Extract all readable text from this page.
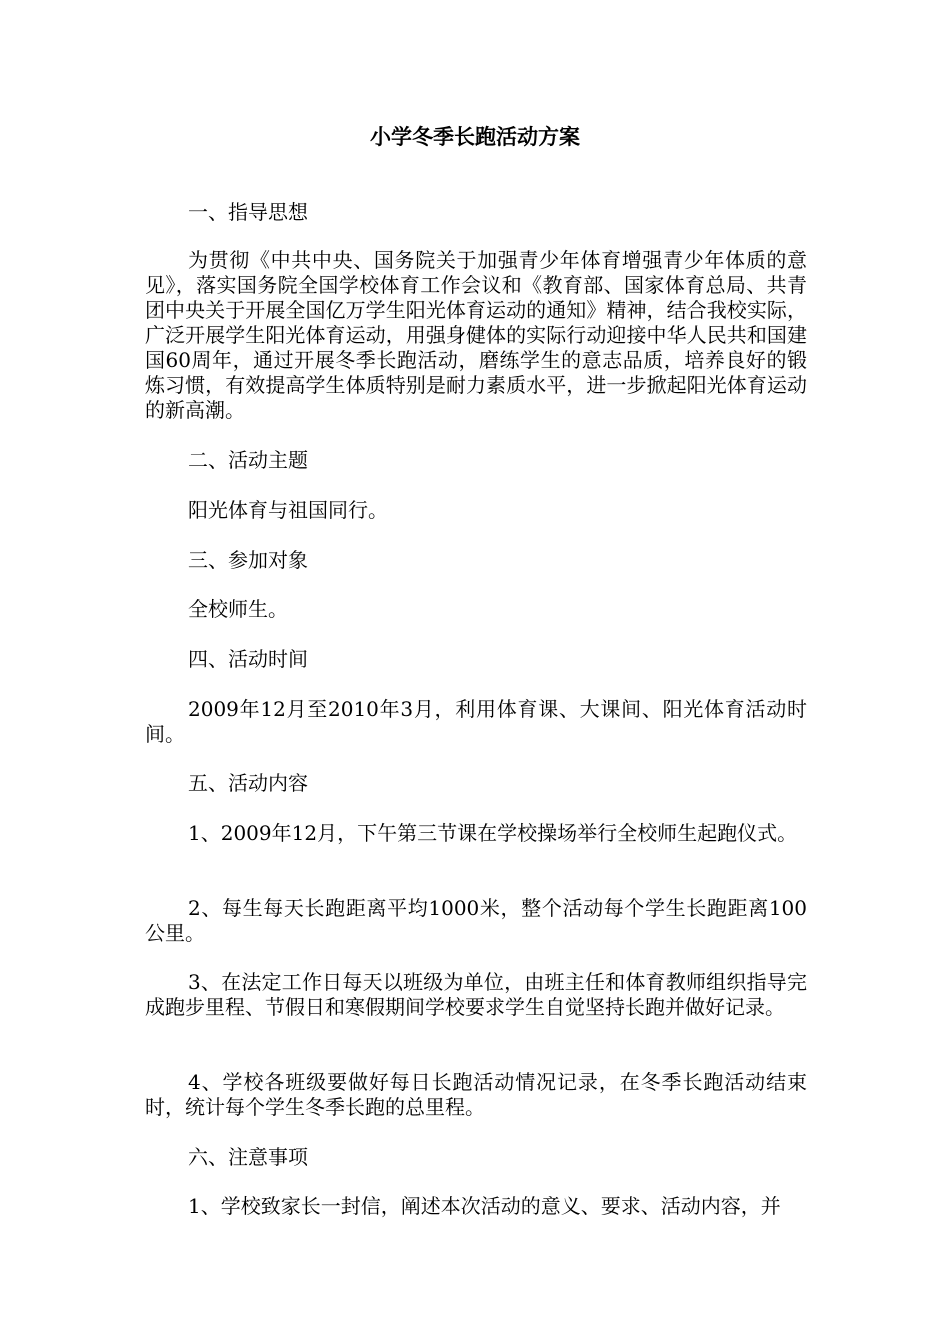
小学冬季长跑活动方案

一、指导思想

为贯彻《中共中央、国务院关于加强青少年体育增强青少年体质的意见》，落实国务院全国学校体育工作会议和《教育部、国家体育总局、共青团中央关于开展全国亿万学生阳光体育运动的通知》精神，结合我校实际，广泛开展学生阳光体育运动，用强身健体的实际行动迎接中华人民共和国建国60周年，通过开展冬季长跑活动，磨练学生的意志品质，培养良好的锻炼习惯，有效提高学生体质特别是耐力素质水平，进一步掀起阳光体育运动的新高潮。

二、活动主题

阳光体育与祖国同行。

三、参加对象

全校师生。

四、活动时间

2009年12月至2010年3月，利用体育课、大课间、阳光体育活动时间。

五、活动内容

1、2009年12月，下午第三节课在学校操场举行全校师生起跑仪式。

2、每生每天长跑距离平均1000米，整个活动每个学生长跑距离100公里。

3、在法定工作日每天以班级为单位，由班主任和体育教师组织指导完成跑步里程、节假日和寒假期间学校要求学生自觉坚持长跑并做好记录。

4、学校各班级要做好每日长跑活动情况记录，在冬季长跑活动结束时，统计每个学生冬季长跑的总里程。

六、注意事项

1、学校致家长一封信，阐述本次活动的意义、要求、活动内容，并
